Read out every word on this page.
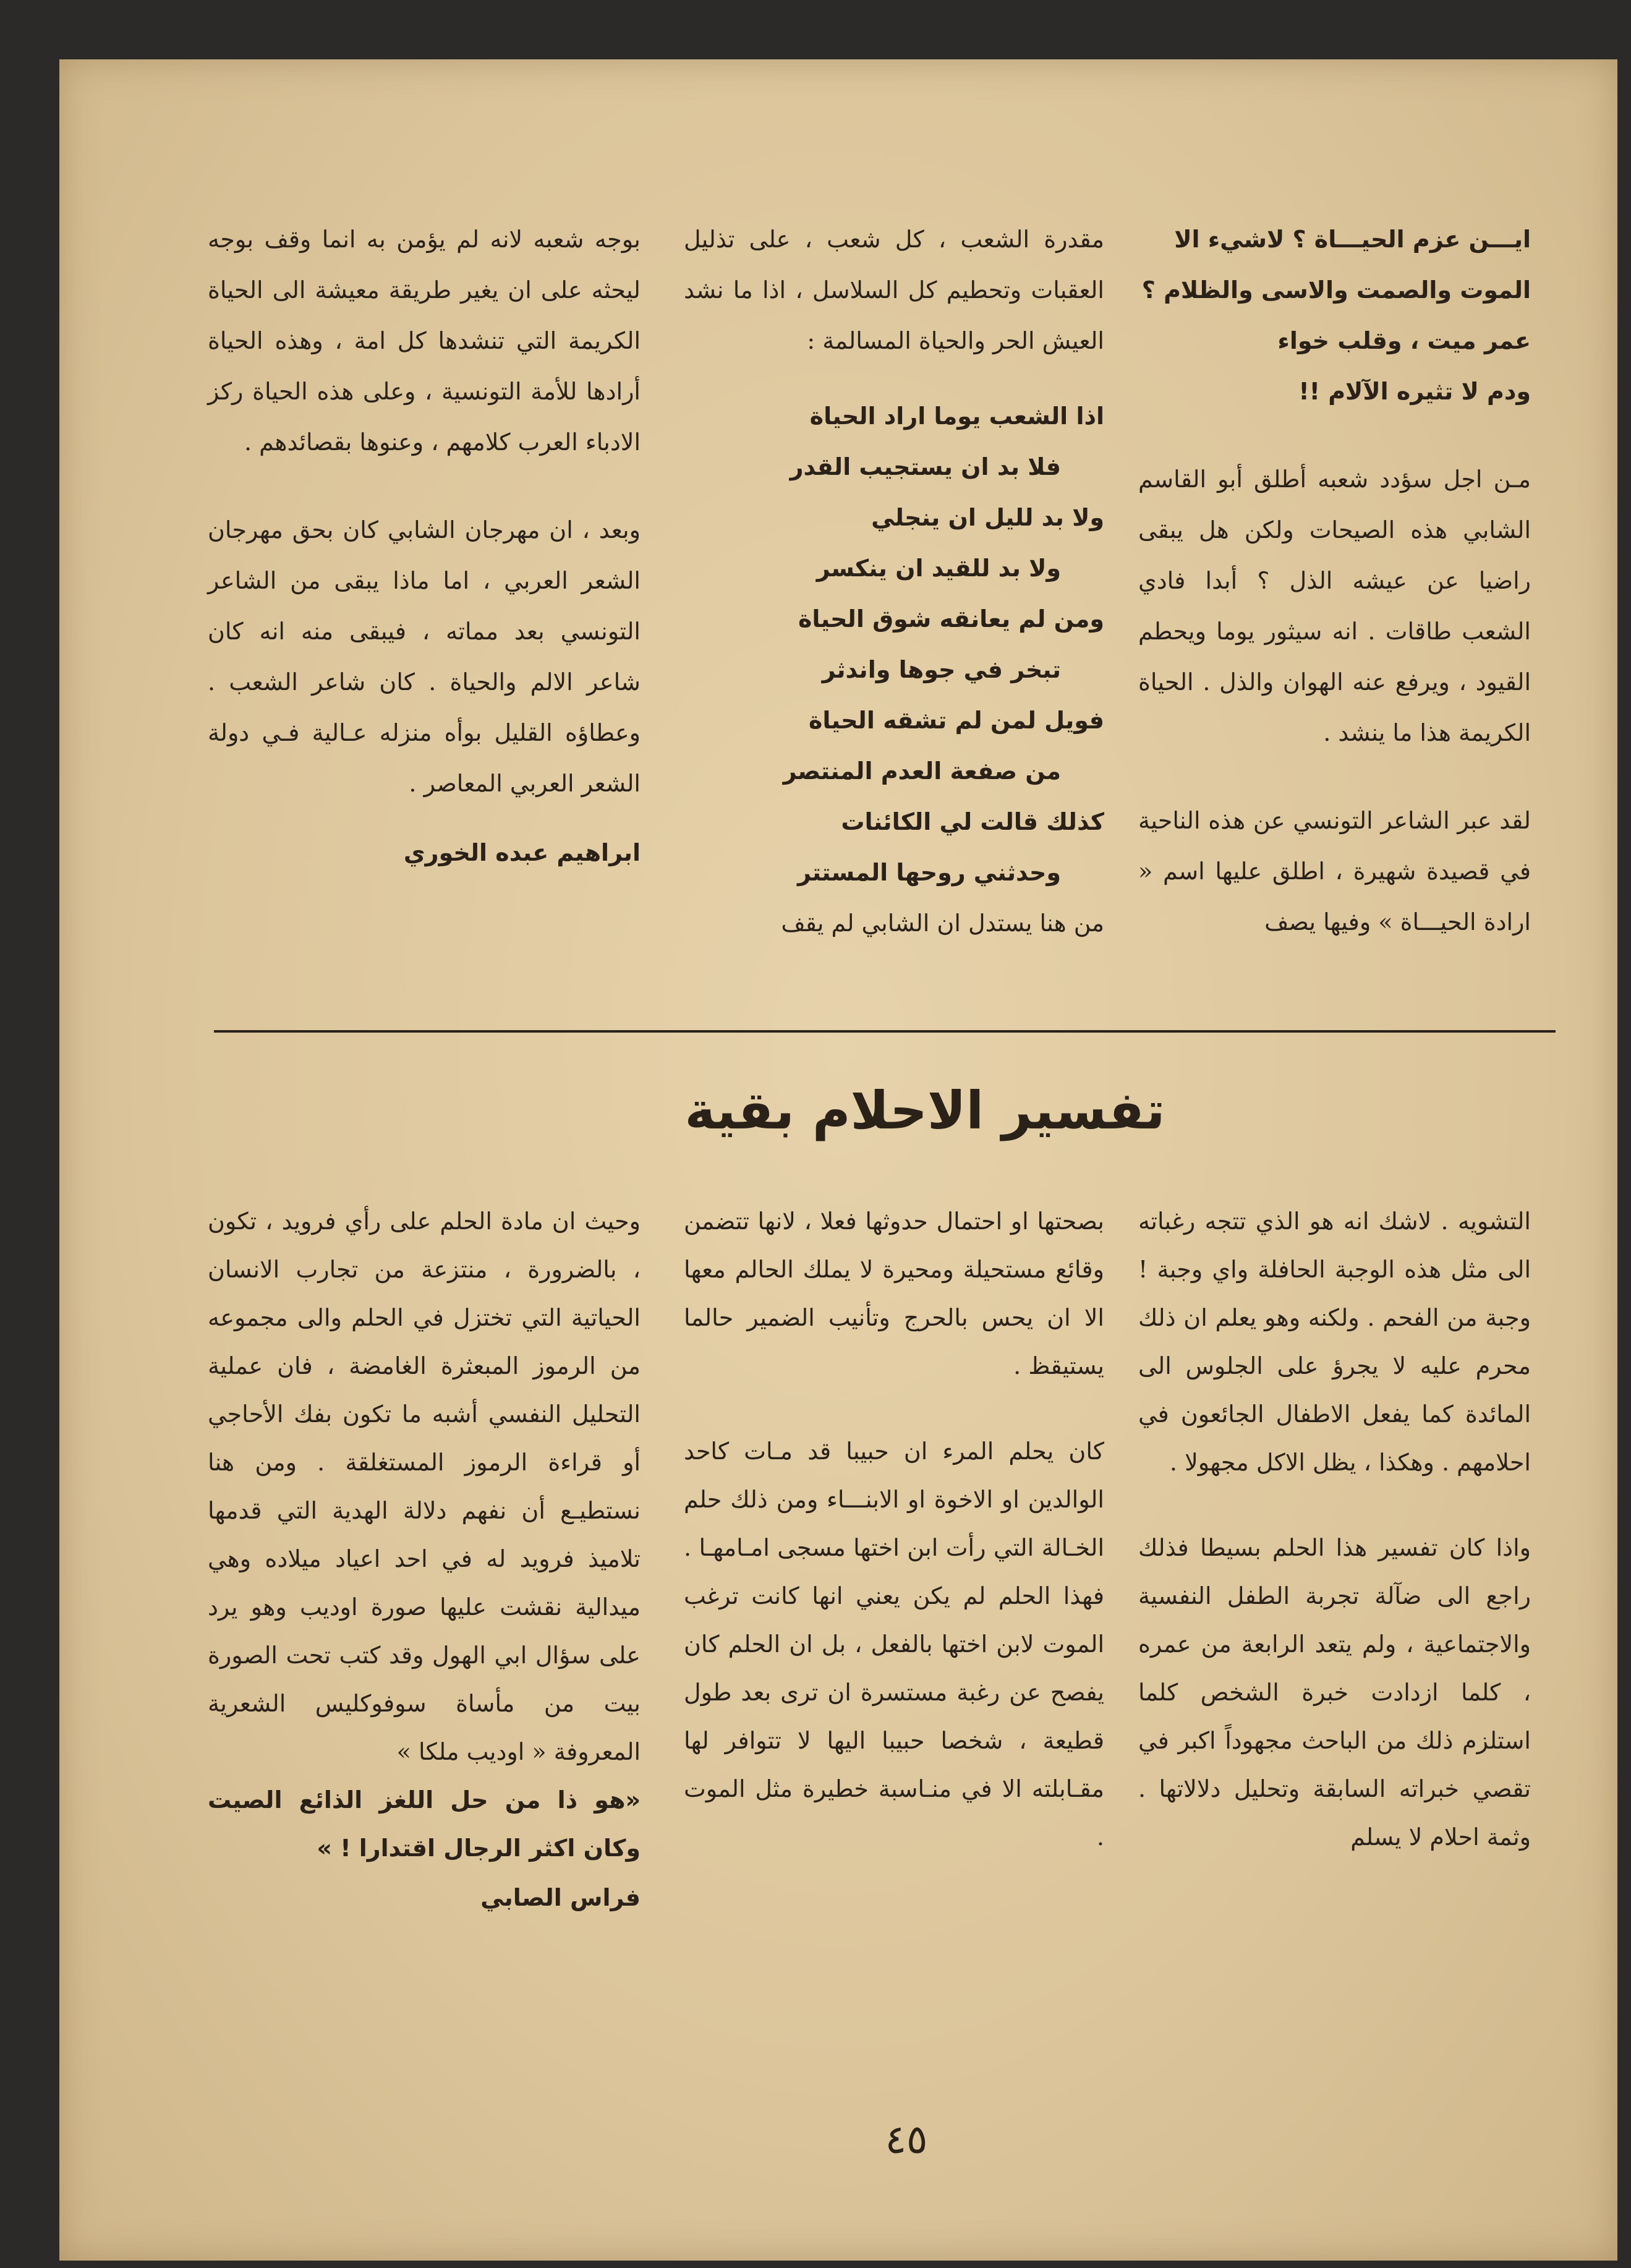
ايـــن عزم الحيـــاة ؟ لاشيء الا

الموت والصمت والاسى والظلام ؟

عمر ميت ، وقلب خواء

ودم لا تثيره الآلام !!

مـن اجل سؤدد شعبه أطلق أبو القاسم الشابي هذه الصيحات ولكن هل يبقى راضيا عن عيشه الذل ؟ أبدا فادي الشعب طاقات . انه سيثور يوما ويحطم القيود ، ويرفع عنه الهوان والذل . الحياة الكريمة هذا ما ينشد .

لقد عبر الشاعر التونسي عن هذه الناحية في قصيدة شهيرة ، اطلق عليها اسم « ارادة الحيـــاة » وفيها يصف

مقدرة الشعب ، كل شعب ، على تذليل العقبات وتحطيم كل السلاسل ، اذا ما نشد العيش الحر والحياة المسالمة :

اذا الشعب يوما اراد الحياة

فلا بد ان يستجيب القدر

ولا بد لليل ان ينجلي

ولا بد للقيد ان ينكسر

ومن لم يعانقه شوق الحياة

تبخر في جوها واندثر

فويل لمن لم تشقه الحياة

من صفعة العدم المنتصر

كذلك قالت لي الكائنات

وحدثني روحها المستتر

من هنا يستدل ان الشابي لم يقف

بوجه شعبه لانه لم يؤمن به انما وقف بوجه ليحثه على ان يغير طريقة معيشة الى الحياة الكريمة التي تنشدها كل امة ، وهذه الحياة أرادها للأمة التونسية ، وعلى هذه الحياة ركز الادباء العرب كلامهم ، وعنوها بقصائدهم .

وبعد ، ان مهرجان الشابي كان بحق مهرجان الشعر العربي ، اما ماذا يبقى من الشاعر التونسي بعد مماته ، فيبقى منه انه كان شاعر الالم والحياة . كان شاعر الشعب . وعطاؤه القليل بوأه منزله عـالية فـي دولة الشعر العربي المعاصر .

ابراهيم عبده الخوري

تفسير الاحلام بقية

التشويه . لاشك انه هو الذي تتجه رغباته الى مثل هذه الوجبة الحافلة واي وجبة ! وجبة من الفحم . ولكنه وهو يعلم ان ذلك محرم عليه لا يجرؤ على الجلوس الى المائدة كما يفعل الاطفال الجائعون في احلامهم . وهكذا ، يظل الاكل مجهولا .

واذا كان تفسير هذا الحلم بسيطا فذلك راجع الى ضآلة تجربة الطفل النفسية والاجتماعية ، ولم يتعد الرابعة من عمره ، كلما ازدادت خبرة الشخص كلما استلزم ذلك من الباحث مجهوداً اكبر في تقصي خبراته السابقة وتحليل دلالاتها . وثمة احلام لا يسلم

بصحتها او احتمال حدوثها فعلا ، لانها تتضمن وقائع مستحيلة ومحيرة لا يملك الحالم معها الا ان يحس بالحرج وتأنيب الضمير حالما يستيقظ .

كان يحلم المرء ان حبيبا قد مـات كاحد الوالدين او الاخوة او الابنـــاء ومن ذلك حلم الخـالة التي رأت ابن اختها مسجى امـامهـا . فهذا الحلم لم يكن يعني انها كانت ترغب الموت لابن اختها بالفعل ، بل ان الحلم كان يفصح عن رغبة مستسرة ان ترى بعد طول قطيعة ، شخصا حبيبا اليها لا تتوافر لها مقـابلته الا في منـاسبة خطيرة مثل الموت .

وحيث ان مادة الحلم على رأي فرويد ، تكون ، بالضرورة ، منتزعة من تجارب الانسان الحياتية التي تختزل في الحلم والى مجموعه من الرموز المبعثرة الغامضة ، فان عملية التحليل النفسي أشبه ما تكون بفك الأحاجي أو قراءة الرموز المستغلقة . ومن هنا نستطيـع أن نفهم دلالة الهدية التي قدمها تلاميذ فرويد له في احد اعياد ميلاده وهي ميدالية نقشت عليها صورة اوديب وهو يرد على سؤال ابي الهول وقد كتب تحت الصورة بيت من مأساة سوفوكليس الشعرية المعروفة « اوديب ملكا »

«هو ذا من حل اللغز الذائع الصيت وكان اكثر الرجال اقتدارا ! »

فراس الصابي

٤٥
